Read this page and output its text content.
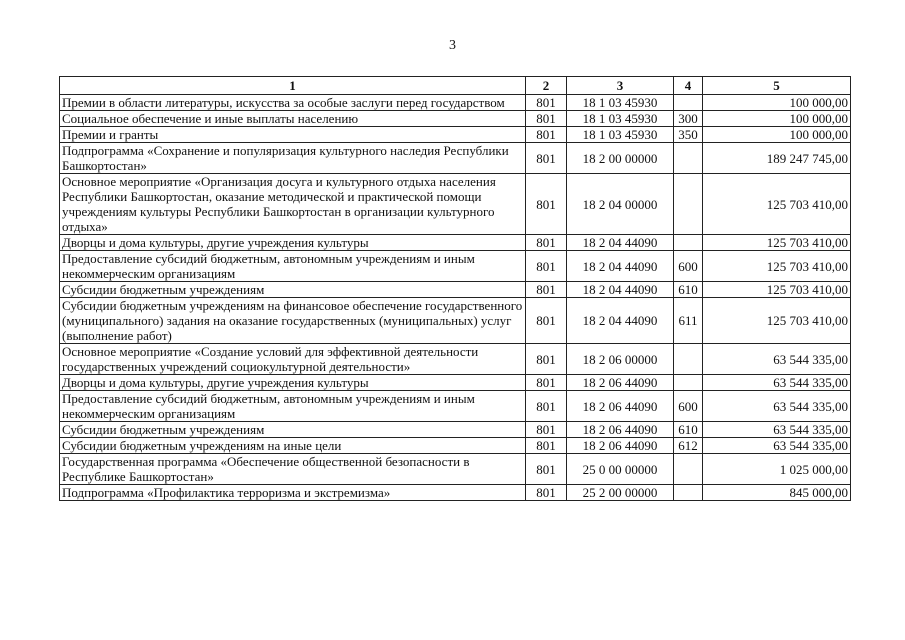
3
1	2	3	4	5
Премии в области литературы, искусства за особые заслуги перед государством	801	18 1 03 45930		100 000,00
Социальное обеспечение и иные выплаты населению	801	18 1 03 45930	300	100 000,00
Премии и гранты	801	18 1 03 45930	350	100 000,00
Подпрограмма «Сохранение и популяризация культурного наследия Республики Башкортостан»	801	18 2 00 00000		189 247 745,00
Основное мероприятие «Организация досуга и культурного отдыха населения Республики Башкортостан, оказание методической и практической помощи учреждениям культуры Республики Башкортостан в организации культурного отдыха»	801	18 2 04 00000		125 703 410,00
Дворцы и дома культуры, другие учреждения культуры	801	18 2 04 44090		125 703 410,00
Предоставление субсидий бюджетным, автономным учреждениям и иным некоммерческим организациям	801	18 2 04 44090	600	125 703 410,00
Субсидии бюджетным учреждениям	801	18 2 04 44090	610	125 703 410,00
Субсидии бюджетным учреждениям на финансовое обеспечение государственного (муниципального) задания на оказание государственных (муниципальных) услуг (выполнение работ)	801	18 2 04 44090	611	125 703 410,00
Основное мероприятие «Создание условий для эффективной деятельности государственных учреждений социокультурной деятельности»	801	18 2 06 00000		63 544 335,00
Дворцы и дома культуры, другие учреждения культуры	801	18 2 06 44090		63 544 335,00
Предоставление субсидий бюджетным, автономным учреждениям и иным некоммерческим организациям	801	18 2 06 44090	600	63 544 335,00
Субсидии бюджетным учреждениям	801	18 2 06 44090	610	63 544 335,00
Субсидии бюджетным учреждениям на иные цели	801	18 2 06 44090	612	63 544 335,00
Государственная программа «Обеспечение общественной безопасности в Республике Башкортостан»	801	25 0 00 00000		1 025 000,00
Подпрограмма «Профилактика терроризма и экстремизма»	801	25 2 00 00000		845 000,00
